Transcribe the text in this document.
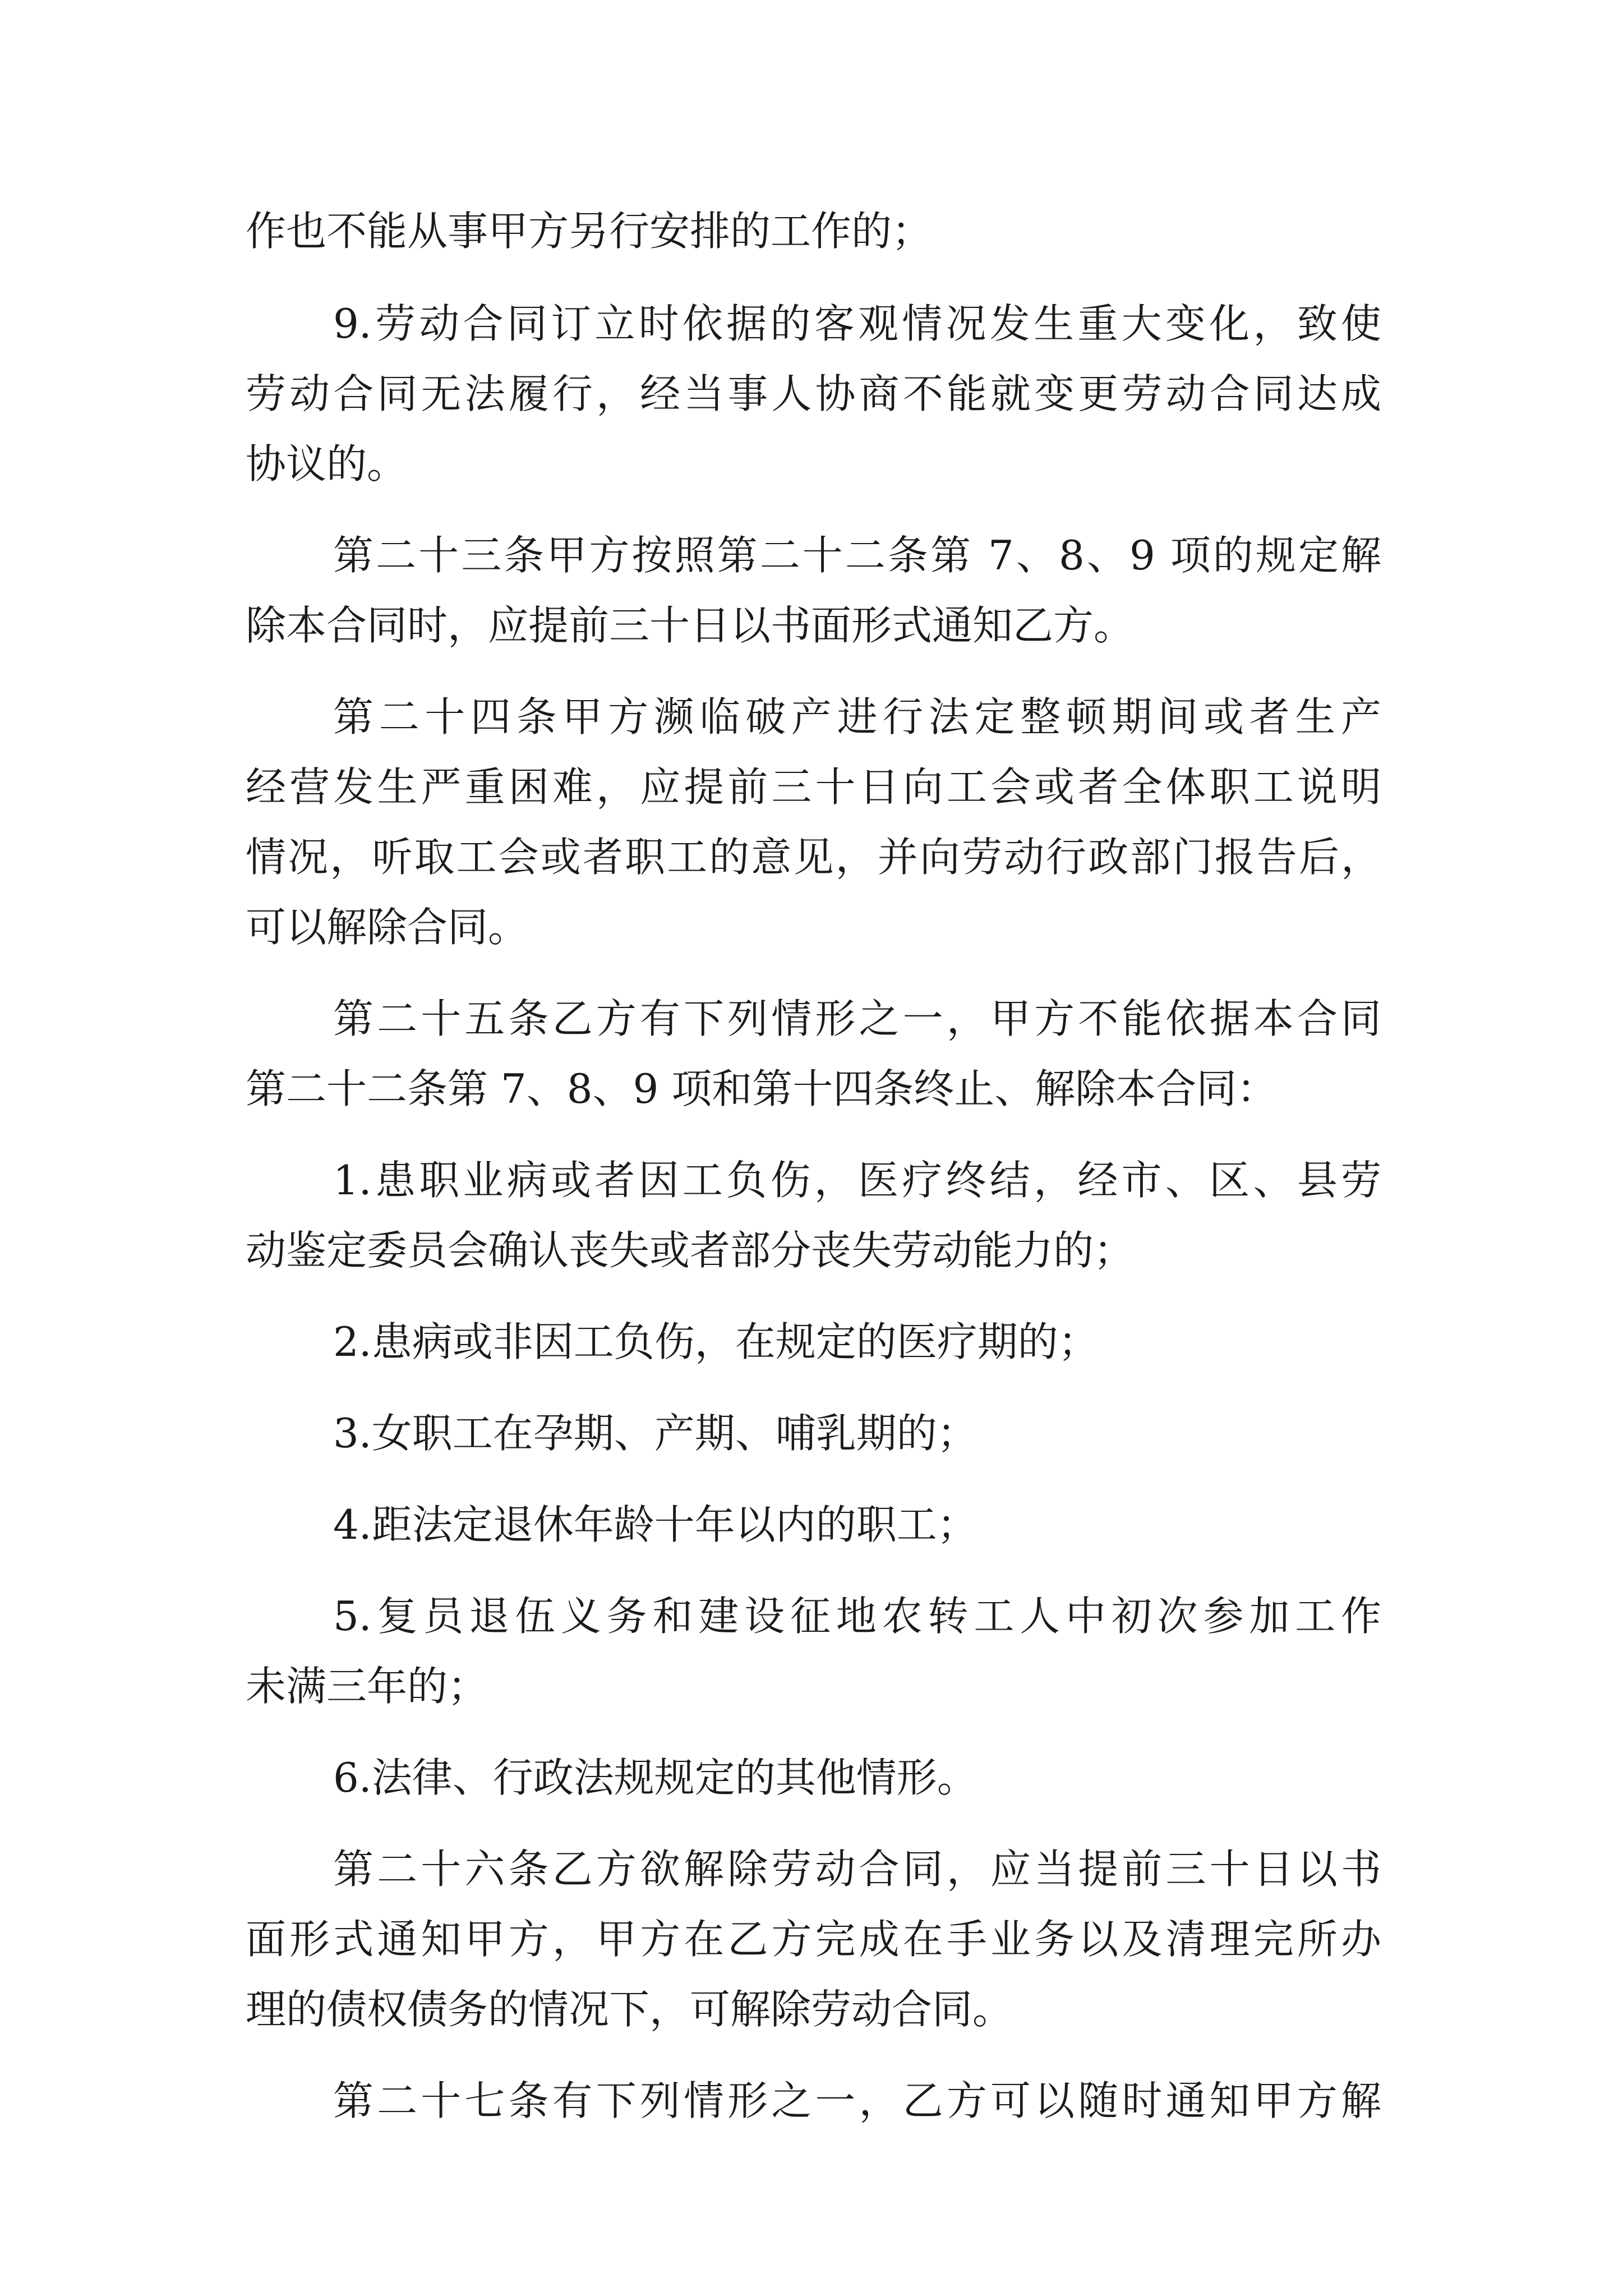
作也不能从事甲方另行安排的工作的；
9.劳动合同订立时依据的客观情况发生重大变化，致使
劳动合同无法履行，经当事人协商不能就变更劳动合同达成
协议的。
第二十三条甲方按照第二十二条第 7、8、9 项的规定解
除本合同时，应提前三十日以书面形式通知乙方。
第二十四条甲方濒临破产进行法定整顿期间或者生产
经营发生严重困难，应提前三十日向工会或者全体职工说明
情况，听取工会或者职工的意见，并向劳动行政部门报告后，
可以解除合同。
第二十五条乙方有下列情形之一，甲方不能依据本合同
第二十二条第 7、8、9 项和第十四条终止、解除本合同：
1.患职业病或者因工负伤，医疗终结，经市、区、县劳
动鉴定委员会确认丧失或者部分丧失劳动能力的；
2.患病或非因工负伤，在规定的医疗期的；
3.女职工在孕期、产期、哺乳期的；
4.距法定退休年龄十年以内的职工；
5.复员退伍义务和建设征地农转工人中初次参加工作
未满三年的；
6.法律、行政法规规定的其他情形。
第二十六条乙方欲解除劳动合同，应当提前三十日以书
面形式通知甲方，甲方在乙方完成在手业务以及清理完所办
理的债权债务的情况下，可解除劳动合同。
第二十七条有下列情形之一，乙方可以随时通知甲方解
